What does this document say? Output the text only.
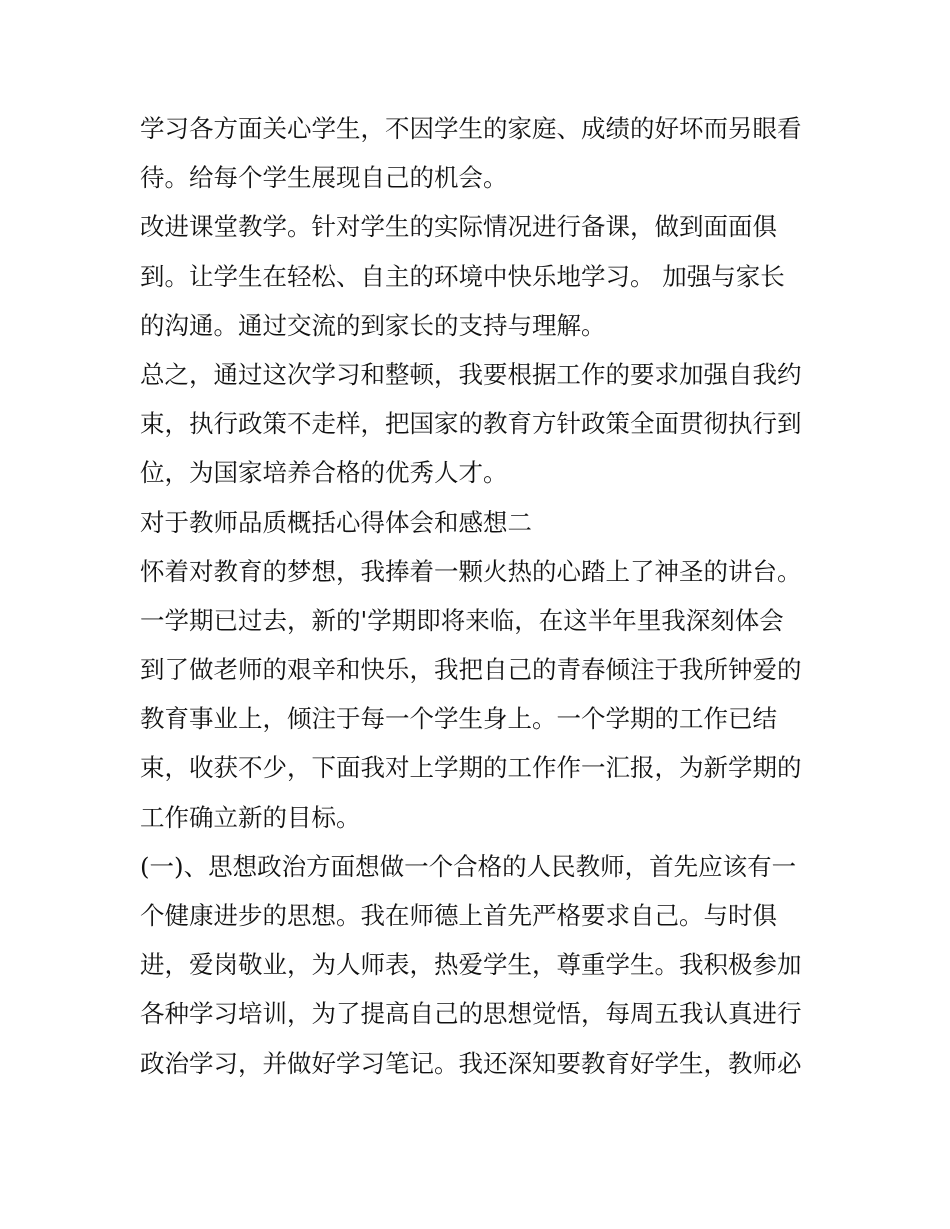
学习各方面关心学生，不因学生的家庭、成绩的好坏而另眼看
待。给每个学生展现自己的机会。
改进课堂教学。针对学生的实际情况进行备课，做到面面俱
到。让学生在轻松、自主的环境中快乐地学习。 加强与家长
的沟通。通过交流的到家长的支持与理解。
总之，通过这次学习和整顿，我要根据工作的要求加强自我约
束，执行政策不走样，把国家的教育方针政策全面贯彻执行到
位，为国家培养合格的优秀人才。
对于教师品质概括心得体会和感想二
怀着对教育的梦想，我捧着一颗火热的心踏上了神圣的讲台。
一学期已过去，新的'学期即将来临，在这半年里我深刻体会
到了做老师的艰辛和快乐，我把自己的青春倾注于我所钟爱的
教育事业上，倾注于每一个学生身上。一个学期的工作已结
束，收获不少，下面我对上学期的工作作一汇报，为新学期的
工作确立新的目标。
(一)、思想政治方面想做一个合格的人民教师，首先应该有一
个健康进步的思想。我在师德上首先严格要求自己。与时俱
进，爱岗敬业，为人师表，热爱学生，尊重学生。我积极参加
各种学习培训，为了提高自己的思想觉悟，每周五我认真进行
政治学习，并做好学习笔记。我还深知要教育好学生，教师必
